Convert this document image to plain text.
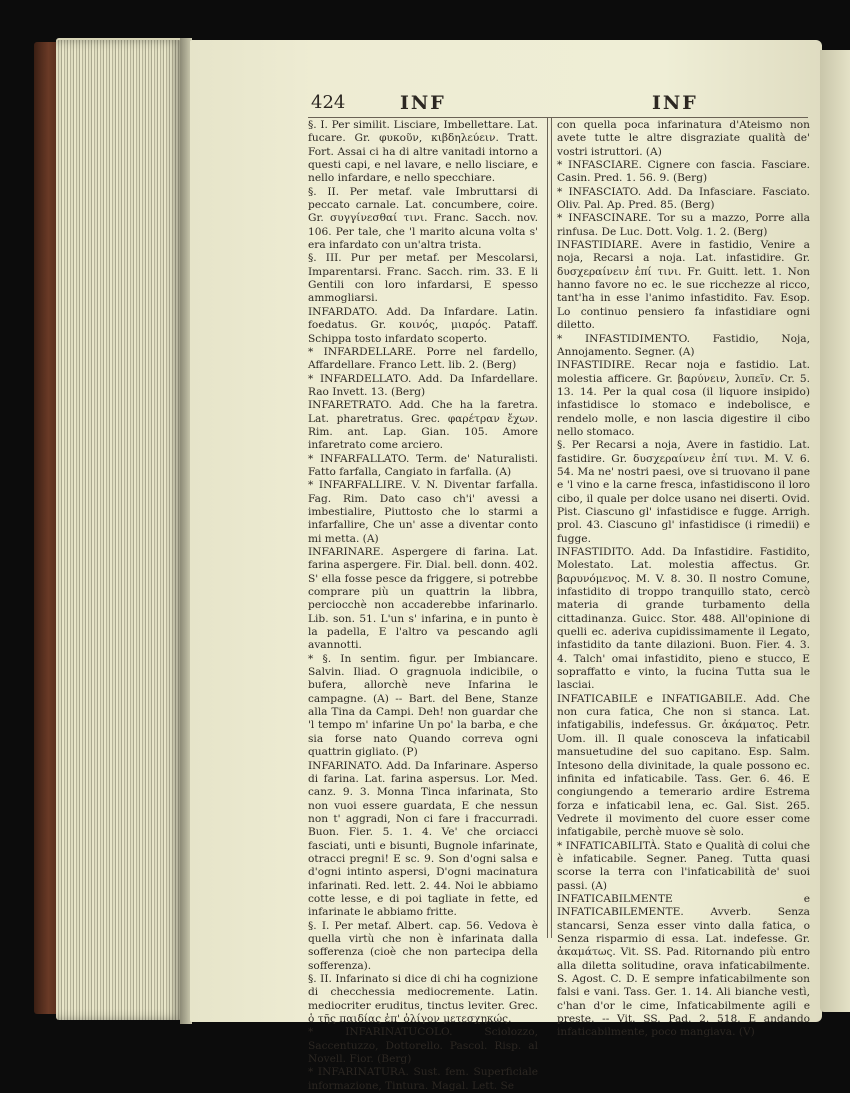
424	INF	INF

§. I. Per similit. Lisciare, Imbellettare. Lat. fucare. Gr. φυκοῦν, κιβδηλεύειν. Tratt. Fort. Assai ci ha di altre vanitadi intorno a questi capi, e nel lavare, e nello lisciare, e nello infardare, e nello specchiare.

§. II. Per metaf. vale Imbruttarsi di peccato carnale. Lat. concumbere, coire. Gr. συγγίνεσθαί τινι. Franc. Sacch. nov. 106. Per tale, che 'l marito alcuna volta s' era infardato con un'altra trista.

§. III. Pur per metaf. per Mescolarsi, Imparentarsi. Franc. Sacch. rim. 33. E li Gentili con loro infardarsi, E spesso ammogliarsi.

INFARDATO. Add. Da Infardare. Latin. foedatus. Gr. κοινός, μιαρός. Pataff. Schippa tosto infardato scoperto.

* INFARDELLARE. Porre nel fardello, Affardellare. Franco Lett. lib. 2. (Berg)

* INFARDELLATO. Add. Da Infardellare. Rao Invett. 13. (Berg)

INFARETRATO. Add. Che ha la faretra. Lat. pharetratus. Grec. φαρέτραν ἔχων. Rim. ant. Lap. Gian. 105. Amore infaretrato come arciero.

* INFARFALLATO. Term. de' Naturalisti. Fatto farfalla, Cangiato in farfalla. (A)

* INFARFALLIRE. V. N. Diventar farfalla. Fag. Rim. Dato caso ch'i' avessi a imbestialire, Piuttosto che lo starmi a infarfallire, Che un' asse a diventar conto mi metta. (A)

INFARINARE. Aspergere di farina. Lat. farina aspergere. Fir. Dial. bell. donn. 402. S' ella fosse pesce da friggere, si potrebbe comprare più un quattrin la libbra, perciocchè non accaderebbe infarinarlo. Lib. son. 51. L'un s' infarina, e in punto è la padella, E l'altro va pescando agli avannotti.

* §. In sentim. figur. per Imbiancare. Salvin. Iliad. O gragnuola indicibile, o bufera, allorchè neve Infarina le campagne. (A) -- Bart. del Bene, Stanze alla Tina da Campi. Deh! non guardar che 'l tempo m' infarine Un po' la barba, e che sia forse nato Quando correva ogni quattrin gigliato. (P)

INFARINATO. Add. Da Infarinare. Asperso di farina. Lat. farina aspersus. Lor. Med. canz. 9. 3. Monna Tinca infarinata, Sto non vuoi essere guardata, E che nessun non t' aggradi, Non ci fare i fraccurradi. Buon. Fier. 5. 1. 4. Ve' che orciacci fasciati, unti e bisunti, Bugnole infarinate, otracci pregni! E sc. 9. Son d'ogni salsa e d'ogni intinto aspersi, D'ogni macinatura infarinati. Red. lett. 2. 44. Noi le abbiamo cotte lesse, e di poi tagliate in fette, ed infarinate le abbiamo fritte.

§. I. Per metaf. Albert. cap. 56. Vedova è quella virtù che non è infarinata dalla sofferenza (cioè che non partecipa della sofferenza).

§. II. Infarinato si dice di chi ha cognizione di checchessia mediocremente. Latin. mediocriter eruditus, tinctus leviter. Grec. ὁ τῆς παιδίας ἐπ' ὀλίγον μετεσχηκώς.

* INFARINATUCOLO. Sciolozzo, Saccentuzzo, Dottorello. Pascol. Risp. al Novell. Fior. (Berg)

* INFARINATURA. Sust. fem. Superficiale informazione, Tintura. Magal. Lett. Se

con quella poca infarinatura d'Ateismo non avete tutte le altre disgraziate qualità de' vostri istruttori. (A)

* INFASCIARE. Cignere con fascia. Fasciare. Casin. Pred. 1. 56. 9. (Berg)

* INFASCIATO. Add. Da Infasciare. Fasciato. Oliv. Pal. Ap. Pred. 85. (Berg)

* INFASCINARE. Tor su a mazzo, Porre alla rinfusa. De Luc. Dott. Volg. 1. 2. (Berg)

INFASTIDIARE. Avere in fastidio, Venire a noja, Recarsi a noja. Lat. infastidire. Gr. δυσχεραίνειν ἐπί τινι. Fr. Guitt. lett. 1. Non hanno favore no ec. le sue ricchezze al ricco, tant'ha in esse l'animo infastidito. Fav. Esop. Lo continuo pensiero fa infastidiare ogni diletto.

* INFASTIDIMENTO. Fastidio, Noja, Annojamento. Segner. (A)

INFASTIDIRE. Recar noja e fastidio. Lat. molestia afficere. Gr. βαρύνειν, λυπεῖν. Cr. 5. 13. 14. Per la qual cosa (il liquore insipido) infastidisce lo stomaco e indebolisce, e rendelo molle, e non lascia digestire il cibo nello stomaco.

§. Per Recarsi a noja, Avere in fastidio. Lat. fastidire. Gr. δυσχεραίνειν ἐπί τινι. M. V. 6. 54. Ma ne' nostri paesi, ove si truovano il pane e 'l vino e la carne fresca, infastidiscono il loro cibo, il quale per dolce usano nei diserti. Ovid. Pist. Ciascuno gl' infastidisce e fugge. Arrigh. prol. 43. Ciascuno gl' infastidisce (i rimedii) e fugge.

INFASTIDITO. Add. Da Infastidire. Fastidito, Molestato. Lat. molestia affectus. Gr. βαρυνόμενος. M. V. 8. 30. Il nostro Comune, infastidito di troppo tranquillo stato, cercò materia di grande turbamento della cittadinanza. Guicc. Stor. 488. All'opinione di quelli ec. aderiva cupidissimamente il Legato, infastidito da tante dilazioni. Buon. Fier. 4. 3. 4. Talch' omai infastidito, pieno e stucco, E sopraffatto e vinto, la fucina Tutta sua le lasciai.

INFATICABILE e INFATIGABILE. Add. Che non cura fatica, Che non si stanca. Lat. infatigabilis, indefessus. Gr. ἀκάματος. Petr. Uom. ill. Il quale conosceva la infaticabil mansuetudine del suo capitano. Esp. Salm. Intesono della divinitade, la quale possono ec. infinita ed infaticabile. Tass. Ger. 6. 46. E congiungendo a temerario ardire Estrema forza e infaticabil lena, ec. Gal. Sist. 265. Vedrete il movimento del cuore esser come infatigabile, perchè muove sè solo.

* INFATICABILITÀ. Stato e Qualità di colui che è infaticabile. Segner. Paneg. Tutta quasi scorse la terra con l'infaticabilità de' suoi passi. (A)

INFATICABILMENTE e INFATICABILEMENTE. Avverb. Senza stancarsi, Senza esser vinto dalla fatica, o Senza risparmio di essa. Lat. indefesse. Gr. ἀκαμάτως. Vit. SS. Pad. Ritornando più entro alla diletta solitudine, orava infaticabilmente. S. Agost. C. D. E sempre infaticabilmente son falsi e vani. Tass. Ger. 1. 14. Ali bianche vestì, c'han d'or le cime, Infaticabilmente agili e preste. -- Vit. SS. Pad. 2. 518. E andando infaticabilmente, poco mangiava. (V)
